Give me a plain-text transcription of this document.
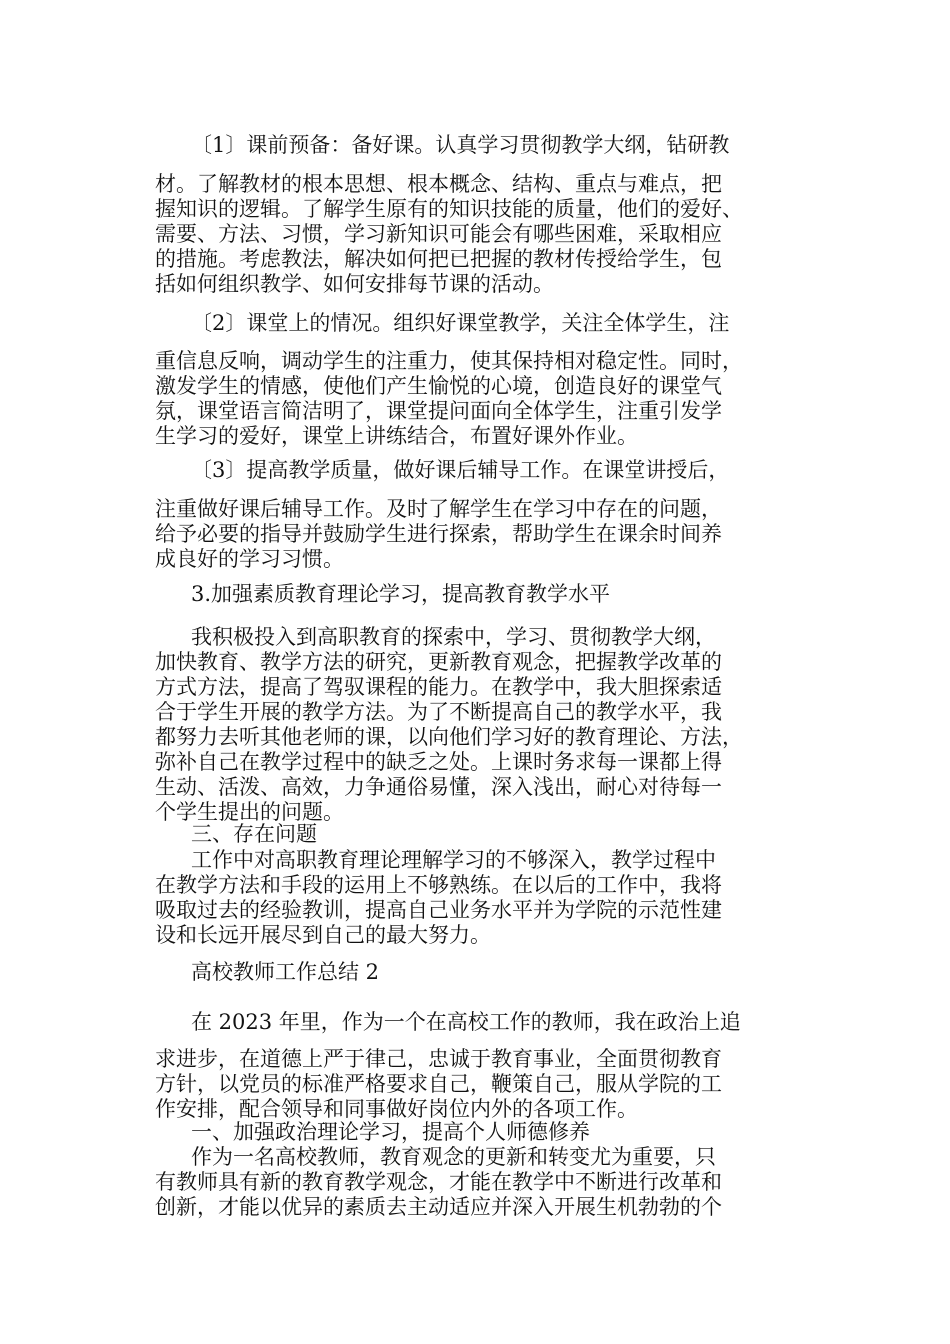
〔1〕课前预备：备好课。认真学习贯彻教学大纲，钻研教
材。了解教材的根本思想、根本概念、结构、重点与难点，把
握知识的逻辑。了解学生原有的知识技能的质量，他们的爱好、
需要、方法、习惯，学习新知识可能会有哪些困难，采取相应
的措施。考虑教法，解决如何把已把握的教材传授给学生，包
括如何组织教学、如何安排每节课的活动。
〔2〕课堂上的情况。组织好课堂教学，关注全体学生，注
重信息反响，调动学生的注重力，使其保持相对稳定性。同时，
激发学生的情感，使他们产生愉悦的心境，创造良好的课堂气
氛，课堂语言简洁明了，课堂提问面向全体学生，注重引发学
生学习的爱好，课堂上讲练结合，布置好课外作业。
〔3〕提高教学质量，做好课后辅导工作。在课堂讲授后，
注重做好课后辅导工作。及时了解学生在学习中存在的问题，
给予必要的指导并鼓励学生进行探索，帮助学生在课余时间养
成良好的学习习惯。
3.加强素质教育理论学习，提高教育教学水平
我积极投入到高职教育的探索中，学习、贯彻教学大纲，
加快教育、教学方法的研究，更新教育观念，把握教学改革的
方式方法，提高了驾驭课程的能力。在教学中，我大胆探索适
合于学生开展的教学方法。为了不断提高自己的教学水平，我
都努力去听其他老师的课，以向他们学习好的教育理论、方法，
弥补自己在教学过程中的缺乏之处。上课时务求每一课都上得
生动、活泼、高效，力争通俗易懂，深入浅出，耐心对待每一
个学生提出的问题。
三、存在问题
工作中对高职教育理论理解学习的不够深入，教学过程中
在教学方法和手段的运用上不够熟练。在以后的工作中，我将
吸取过去的经验教训，提高自己业务水平并为学院的示范性建
设和长远开展尽到自己的最大努力。
高校教师工作总结 2
在 2023 年里，作为一个在高校工作的教师，我在政治上追
求进步，在道德上严于律己，忠诚于教育事业，全面贯彻教育
方针，以党员的标准严格要求自己，鞭策自己，服从学院的工
作安排，配合领导和同事做好岗位内外的各项工作。
一、加强政治理论学习，提高个人师德修养
作为一名高校教师，教育观念的更新和转变尤为重要，只
有教师具有新的教育教学观念，才能在教学中不断进行改革和
创新，才能以优异的素质去主动适应并深入开展生机勃勃的个
